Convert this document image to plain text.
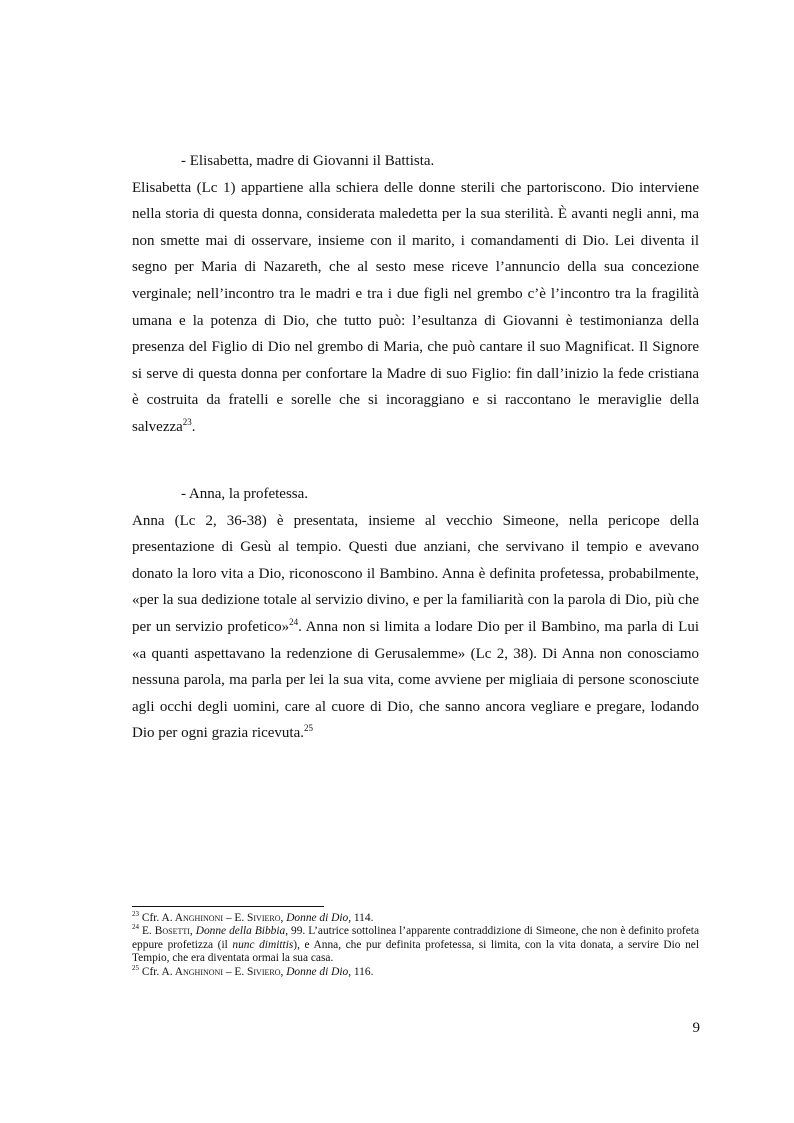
- Elisabetta, madre di Giovanni il Battista.

Elisabetta (Lc 1) appartiene alla schiera delle donne sterili che partoriscono. Dio interviene nella storia di questa donna, considerata maledetta per la sua sterilità. È avanti negli anni, ma non smette mai di osservare, insieme con il marito, i comandamenti di Dio. Lei diventa il segno per Maria di Nazareth, che al sesto mese riceve l’annuncio della sua concezione verginale; nell’incontro tra le madri e tra i due figli nel grembo c’è l’incontro tra la fragilità umana e la potenza di Dio, che tutto può: l’esultanza di Giovanni è testimonianza della presenza del Figlio di Dio nel grembo di Maria, che può cantare il suo Magnificat. Il Signore si serve di questa donna per confortare la Madre di suo Figlio: fin dall’inizio la fede cristiana è costruita da fratelli e sorelle che si incoraggiano e si raccontano le meraviglie della salvezza$^{23}$.

- Anna, la profetessa.

Anna (Lc 2, 36-38) è presentata, insieme al vecchio Simeone, nella pericope della presentazione di Gesù al tempio. Questi due anziani, che servivano il tempio e avevano donato la loro vita a Dio, riconoscono il Bambino. Anna è definita profetessa, probabilmente, «per la sua dedizione totale al servizio divino, e per la familiarità con la parola di Dio, più che per un servizio profetico»$^{24}$. Anna non si limita a lodare Dio per il Bambino, ma parla di Lui «a quanti aspettavano la redenzione di Gerusalemme» (Lc 2, 38). Di Anna non conosciamo nessuna parola, ma parla per lei la sua vita, come avviene per migliaia di persone sconosciute agli occhi degli uomini, care al cuore di Dio, che sanno ancora vegliare e pregare, lodando Dio per ogni grazia ricevuta.$^{25}$

$^{23}$ Cfr. A. Anghinoni – E. Siviero, Donne di Dio, 114.

$^{24}$ E. Bosetti, Donne della Bibbia, 99. L’autrice sottolinea l’apparente contraddizione di Simeone, che non è definito profeta eppure profetizza (il nunc dimittis), e Anna, che pur definita profetessa, si limita, con la vita donata, a servire Dio nel Tempio, che era diventata ormai la sua casa.

$^{25}$ Cfr. A. Anghinoni – E. Siviero, Donne di Dio, 116.

9
